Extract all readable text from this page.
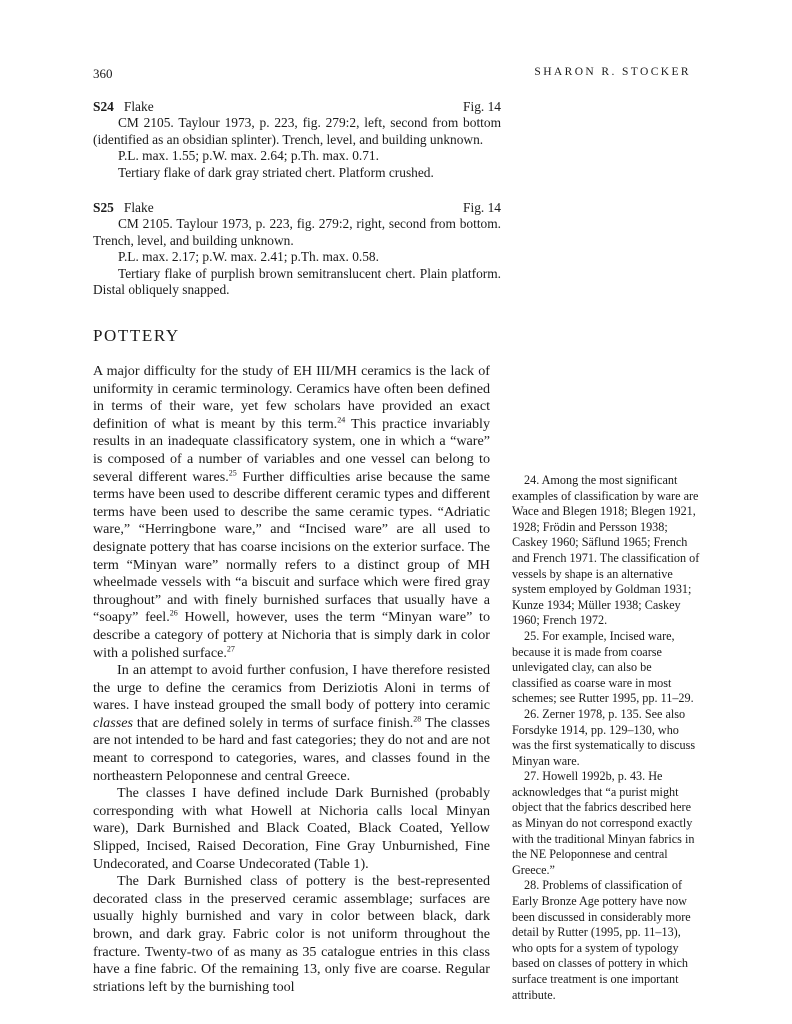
360	SHARON R. STOCKER
S24 Flake	Fig. 14

CM 2105. Taylour 1973, p. 223, fig. 279:2, left, second from bottom (identified as an obsidian splinter). Trench, level, and building unknown.

P.L. max. 1.55; p.W. max. 2.64; p.Th. max. 0.71.

Tertiary flake of dark gray striated chert. Platform crushed.

S25 Flake	Fig. 14

CM 2105. Taylour 1973, p. 223, fig. 279:2, right, second from bottom. Trench, level, and building unknown.

P.L. max. 2.17; p.W. max. 2.41; p.Th. max. 0.58.

Tertiary flake of purplish brown semitranslucent chert. Plain platform. Distal obliquely snapped.

POTTERY

A major difficulty for the study of EH III/MH ceramics is the lack of uniformity in ceramic terminology. Ceramics have often been defined in terms of their ware, yet few scholars have provided an exact definition of what is meant by this term.$^{24}$ This practice invariably results in an inadequate classificatory system, one in which a “ware” is composed of a number of variables and one vessel can belong to several different wares.$^{25}$ Further difficulties arise because the same terms have been used to describe different ceramic types and different terms have been used to describe the same ceramic types. “Adriatic ware,” “Herringbone ware,” and “Incised ware” are all used to designate pottery that has coarse incisions on the exterior surface. The term “Minyan ware” normally refers to a distinct group of MH wheelmade vessels with “a biscuit and surface which were fired gray throughout” and with finely burnished surfaces that usually have a “soapy” feel.$^{26}$ Howell, however, uses the term “Minyan ware” to describe a category of pottery at Nichoria that is simply dark in color with a polished surface.$^{27}$

In an attempt to avoid further confusion, I have therefore resisted the urge to define the ceramics from Deriziotis Aloni in terms of wares. I have instead grouped the small body of pottery into ceramic classes that are defined solely in terms of surface finish.$^{28}$ The classes are not intended to be hard and fast categories; they do not and are not meant to correspond to categories, wares, and classes found in the northeastern Peloponnese and central Greece.

The classes I have defined include Dark Burnished (probably corresponding with what Howell at Nichoria calls local Minyan ware), Dark Burnished and Black Coated, Black Coated, Yellow Slipped, Incised, Raised Decoration, Fine Gray Unburnished, Fine Undecorated, and Coarse Undecorated (Table 1).

The Dark Burnished class of pottery is the best-represented decorated class in the preserved ceramic assemblage; surfaces are usually highly burnished and vary in color between black, dark brown, and dark gray. Fabric color is not uniform throughout the fracture. Twenty-two of as many as 35 catalogue entries in this class have a fine fabric. Of the remaining 13, only five are coarse. Regular striations left by the burnishing tool

24. Among the most significant examples of classification by ware are Wace and Blegen 1918; Blegen 1921, 1928; Frödin and Persson 1938; Caskey 1960; Säflund 1965; French and French 1971. The classification of vessels by shape is an alternative system employed by Goldman 1931; Kunze 1934; Müller 1938; Caskey 1960; French 1972.

25. For example, Incised ware, because it is made from coarse unlevigated clay, can also be classified as coarse ware in most schemes; see Rutter 1995, pp. 11–29.

26. Zerner 1978, p. 135. See also Forsdyke 1914, pp. 129–130, who was the first systematically to discuss Minyan ware.

27. Howell 1992b, p. 43. He acknowledges that “a purist might object that the fabrics described here as Minyan do not correspond exactly with the traditional Minyan fabrics in the NE Peloponnese and central Greece.”

28. Problems of classification of Early Bronze Age pottery have now been discussed in considerably more detail by Rutter (1995, pp. 11–13), who opts for a system of typology based on classes of pottery in which surface treatment is one important attribute.
